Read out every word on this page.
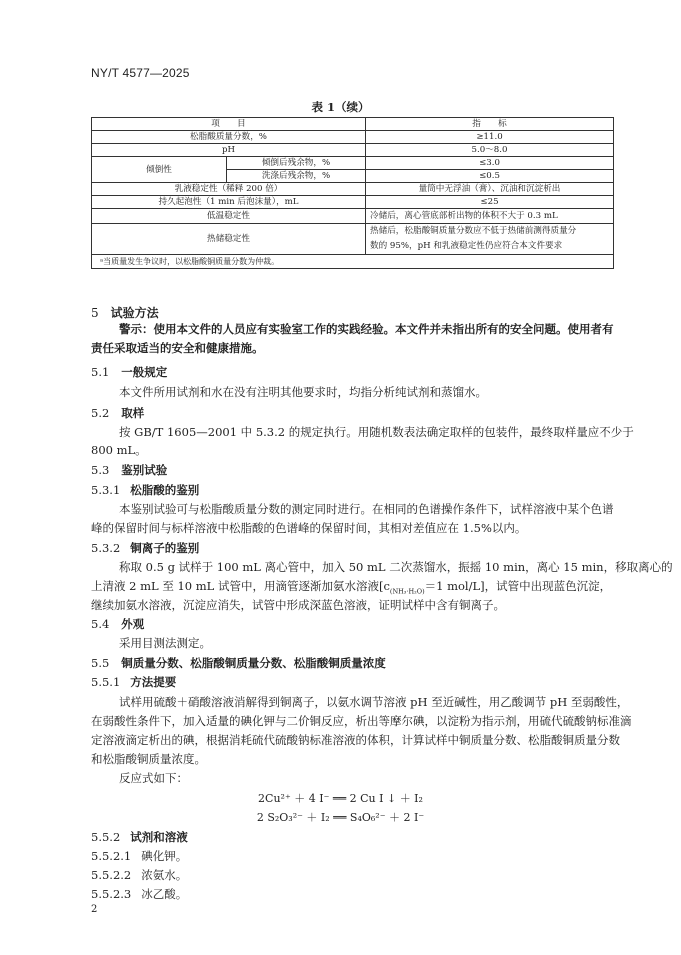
NY/T 4577—2025
表 1（续）
项　　目		指　　标
松脂酸质量分数，%		≥11.0
pH		5.0～8.0
倾倒性	倾倒后残余物，%	≤3.0
	洗涤后残余物，%	≤0.5
乳液稳定性（稀释 200 倍）		量筒中无浮油（膏）、沉油和沉淀析出
持久起泡性（1 min 后泡沫量），mL		≤25
低温稳定性		冷储后，离心管底部析出物的体积不大于 0.3 mL
热储稳定性		热储后，松脂酸铜质量分数应不低于热储前测得质量分
数的 95%，pH 和乳液稳定性仍应符合本文件要求
ᵃ当质量发生争议时，以松脂酸铜质量分数为仲裁。		
5 试验方法
警示：使用本文件的人员应有实验室工作的实践经验。本文件并未指出所有的安全问题。使用者有
责任采取适当的安全和健康措施。
5.1 一般规定
本文件所用试剂和水在没有注明其他要求时，均指分析纯试剂和蒸馏水。
5.2 取样
按 GB/T 1605—2001 中 5.3.2 的规定执行。用随机数表法确定取样的包装件，最终取样量应不少于
800 mL。
5.3 鉴别试验
5.3.1 松脂酸的鉴别
本鉴别试验可与松脂酸质量分数的测定同时进行。在相同的色谱操作条件下，试样溶液中某个色谱
峰的保留时间与标样溶液中松脂酸的色谱峰的保留时间，其相对差值应在 1.5%以内。
5.3.2 铜离子的鉴别
称取 0.5 g 试样于 100 mL 离心管中，加入 50 mL 二次蒸馏水，振摇 10 min，离心 15 min，移取离心的
上清液 2 mL 至 10 mL 试管中，用滴管逐渐加氨水溶液[$c_{(NH_3\cdot H_2O)}=1$ mol/L]，试管中出现蓝色沉淀，
继续加氨水溶液，沉淀应消失，试管中形成深蓝色溶液，证明试样中含有铜离子。
5.4 外观
采用目测法测定。
5.5 铜质量分数、松脂酸铜质量分数、松脂酸铜质量浓度
5.5.1 方法提要
试样用硫酸＋硝酸溶液消解得到铜离子，以氨水调节溶液 pH 至近碱性，用乙酸调节 pH 至弱酸性，
在弱酸性条件下，加入适量的碘化钾与二价铜反应，析出等摩尔碘，以淀粉为指示剂，用硫代硫酸钠标准滴
定溶液滴定析出的碘，根据消耗硫代硫酸钠标准溶液的体积，计算试样中铜质量分数、松脂酸铜质量分数
和松脂酸铜质量浓度。
反应式如下：
2Cu²⁺ ＋ 4 I⁻ ══ 2 Cu I ↓ ＋ I₂
2 S₂O₃²⁻ ＋ I₂ ══ S₄O₆²⁻ ＋ 2 I⁻
5.5.2 试剂和溶液
5.5.2.1 碘化钾。
5.5.2.2 浓氨水。
5.5.2.3 冰乙酸。
2
